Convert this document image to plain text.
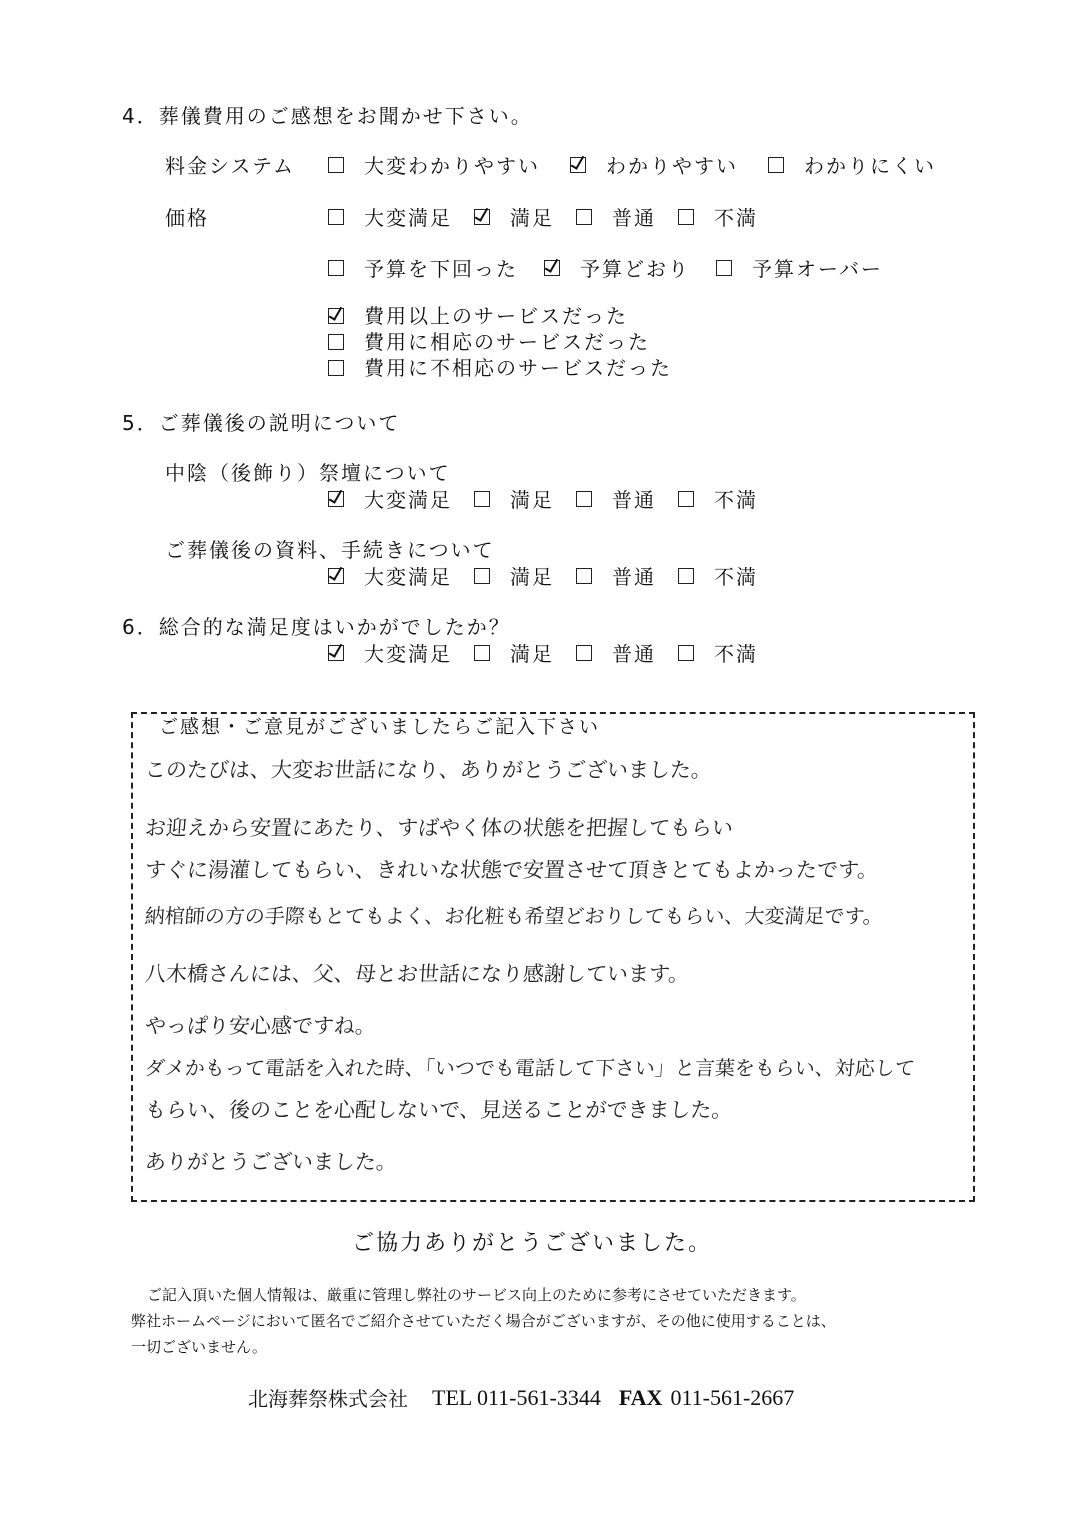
4．葬儀費用のご感想をお聞かせ下さい。
料金システム	大変わかりやすい	わかりやすい	わかりにくい
価格	大変満足	満足	普通	不満
予算を下回った	予算どおり	予算オーバー
費用以上のサービスだった
費用に相応のサービスだった
費用に不相応のサービスだった
5．ご葬儀後の説明について
中陰（後飾り）祭壇について
大変満足	満足	普通	不満
ご葬儀後の資料、手続きについて
大変満足	満足	普通	不満
6．総合的な満足度はいかがでしたか？
大変満足	満足	普通	不満
ご感想・ご意見がございましたらご記入下さい
このたびは、大変お世話になり、ありがとうございました。
お迎えから安置にあたり、すばやく体の状態を把握してもらい
すぐに湯灌してもらい、きれいな状態で安置させて頂きとてもよかったです。
納棺師の方の手際もとてもよく、お化粧も希望どおりしてもらい、大変満足です。
八木橋さんには、父、母とお世話になり感謝しています。
やっぱり安心感ですね。
ダメかもって電話を入れた時、「いつでも電話して下さい」と言葉をもらい、対応して
もらい、後のことを心配しないで、見送ることができました。
ありがとうございました。
ご協力ありがとうございました。
ご記入頂いた個人情報は、厳重に管理し弊社のサービス向上のために参考にさせていただきます。
弊社ホームページにおいて匿名でご紹介させていただく場合がございますが、その他に使用することは、
一切ございません。
北海葬祭株式会社 TEL 011-561-3344 FAX 011-561-2667
